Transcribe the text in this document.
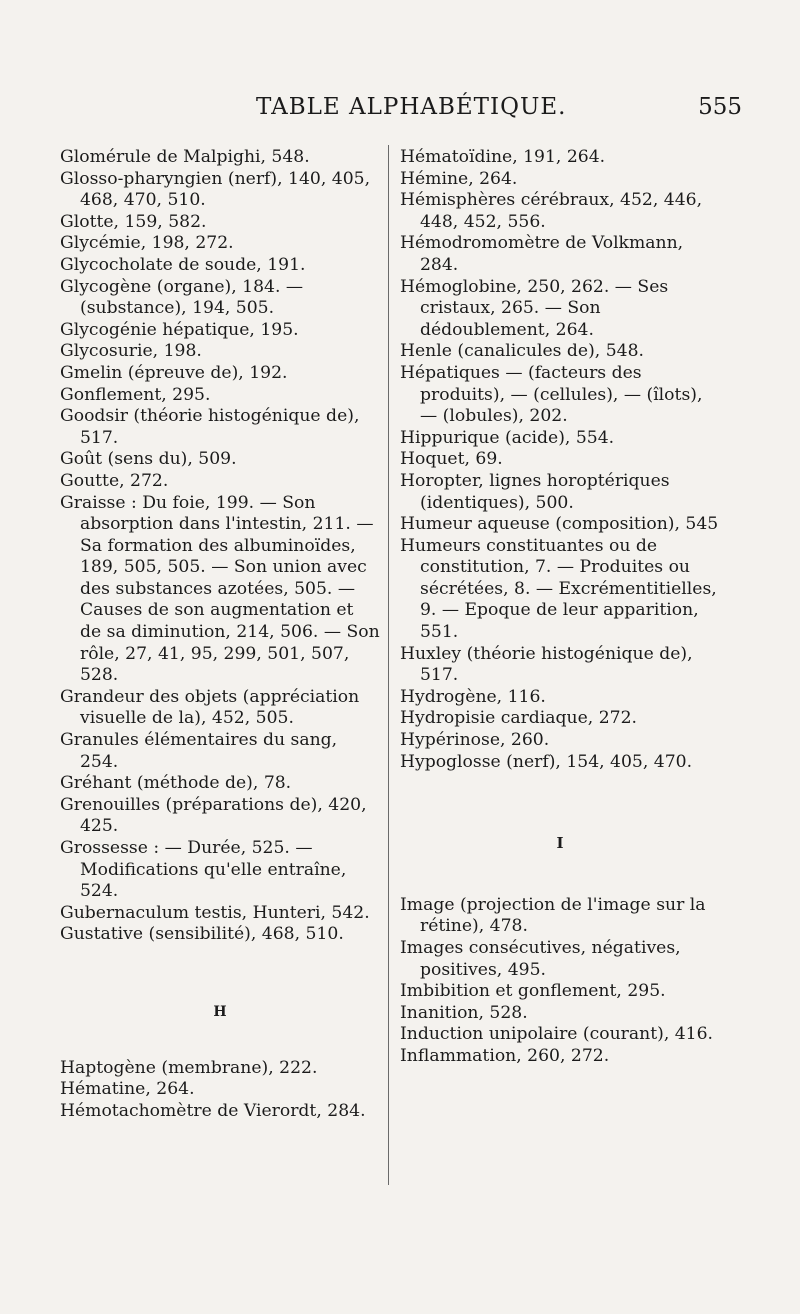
TABLE ALPHABÉTIQUE.	555

Glomérule de Malpighi, 548.

Glosso-pharyngien (nerf), 140, 405, 468, 470, 510.

Glotte, 159, 582.

Glycémie, 198, 272.

Glycocholate de soude, 191.

Glycogène (organe), 184. — (substance), 194, 505.

Glycogénie hépatique, 195.

Glycosurie, 198.

Gmelin (épreuve de), 192.

Gonflement, 295.

Goodsir (théorie histogénique de), 517.

Goût (sens du), 509.

Goutte, 272.

Graisse : Du foie, 199. — Son absorption dans l'intestin, 211. — Sa formation des albuminoïdes, 189, 505, 505. — Son union avec des substances azotées, 505. — Causes de son augmentation et de sa diminution, 214, 506. — Son rôle, 27, 41, 95, 299, 501, 507, 528.

Grandeur des objets (appréciation visuelle de la), 452, 505.

Granules élémentaires du sang, 254.

Gréhant (méthode de), 78.

Grenouilles (préparations de), 420, 425.

Grossesse : — Durée, 525. — Modifications qu'elle entraîne, 524.

Gubernaculum testis, Hunteri, 542.

Gustative (sensibilité), 468, 510.

H

Haptogène (membrane), 222.

Hématine, 264.

Hémotachomètre de Vierordt, 284.

Hématoïdine, 191, 264.

Hémine, 264.

Hémisphères cérébraux, 452, 446, 448, 452, 556.

Hémodromomètre de Volkmann, 284.

Hémoglobine, 250, 262. — Ses cristaux, 265. — Son dédoublement, 264.

Henle (canalicules de), 548.

Hépatiques — (facteurs des produits), — (cellules), — (îlots), — (lobules), 202.

Hippurique (acide), 554.

Hoquet, 69.

Horopter, lignes horoptériques (identiques), 500.

Humeur aqueuse (composition), 545

Humeurs constituantes ou de constitution, 7. — Produites ou sécrétées, 8. — Excrémentitielles, 9. — Epoque de leur apparition, 551.

Huxley (théorie histogénique de), 517.

Hydrogène, 116.

Hydropisie cardiaque, 272.

Hypérinose, 260.

Hypoglosse (nerf), 154, 405, 470.

I

Image (projection de l'image sur la rétine), 478.

Images consécutives, négatives, positives, 495.

Imbibition et gonflement, 295.

Inanition, 528.

Induction unipolaire (courant), 416.

Inflammation, 260, 272.
